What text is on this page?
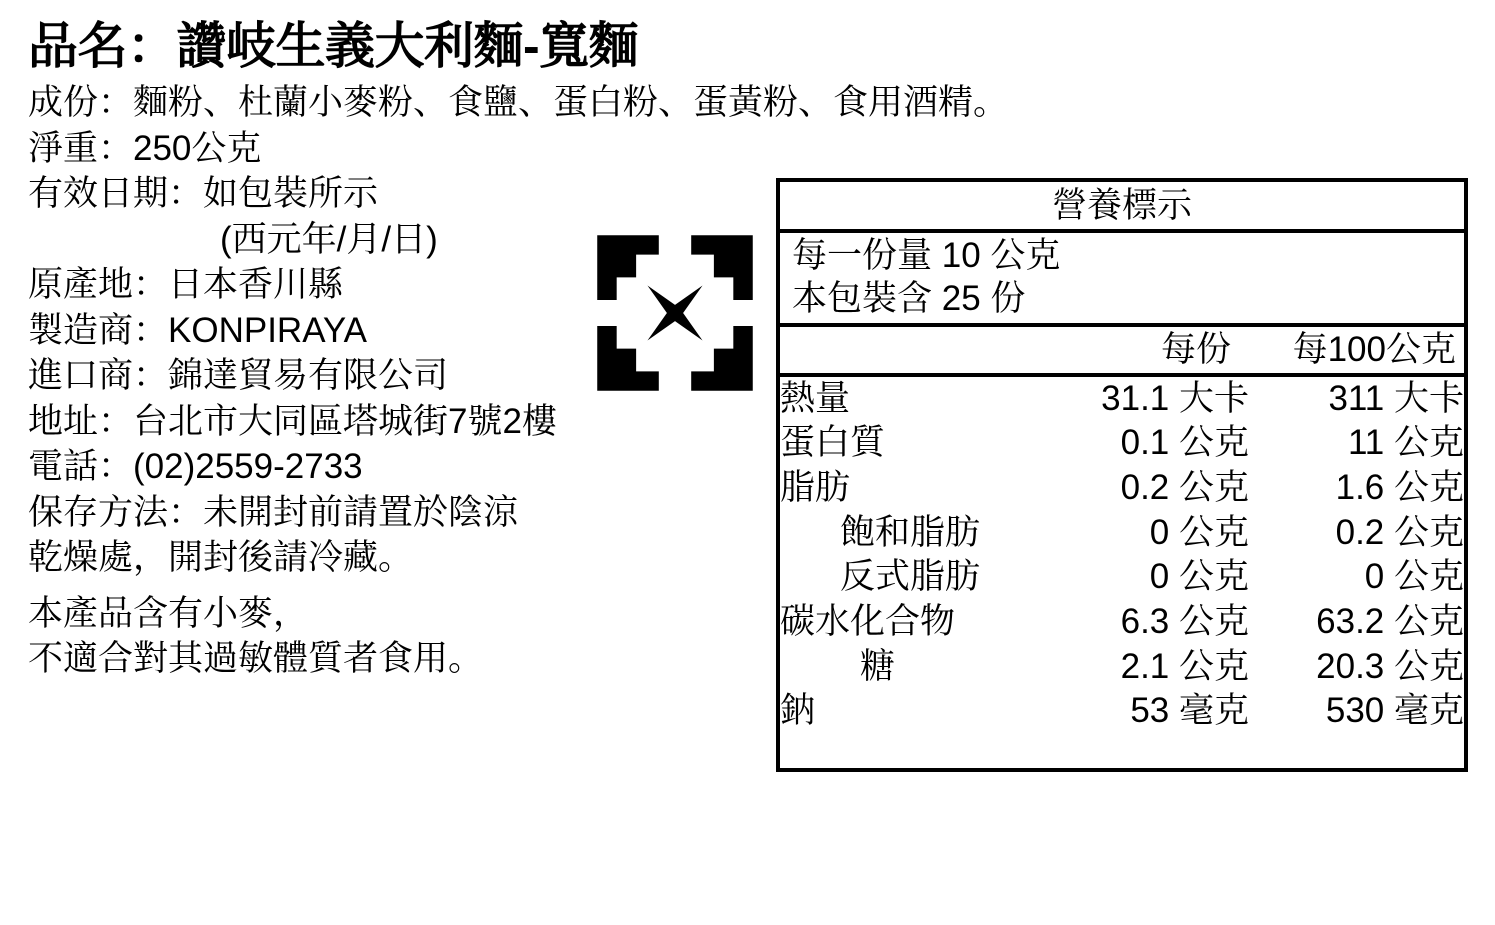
品名：讚岐生義大利麵-寬麵
成份：麵粉、杜蘭小麥粉、食鹽、蛋白粉、蛋黃粉、食用酒精。
淨重：250公克
有效日期：如包裝所示
(西元年/月/日)
原產地：日本香川縣
製造商：KONPIRAYA
進口商：錦達貿易有限公司
地址：台北市大同區塔城街7號2樓
電話：(02)2559-2733
保存方法：未開封前請置於陰涼
乾燥處，開封後請冷藏。
本產品含有小麥，
不適合對其過敏體質者食用。
營養標示
每一份量 10 公克
本包裝含 25 份
每份 每100公克
熱量	31.1 大卡	311 大卡
蛋白質	0.1 公克	11 公克
脂肪	0.2 公克	1.6 公克
飽和脂肪	0 公克	0.2 公克
反式脂肪	0 公克	0 公克
碳水化合物	6.3 公克	63.2 公克
糖	2.1 公克	20.3 公克
鈉	53 毫克	530 毫克
